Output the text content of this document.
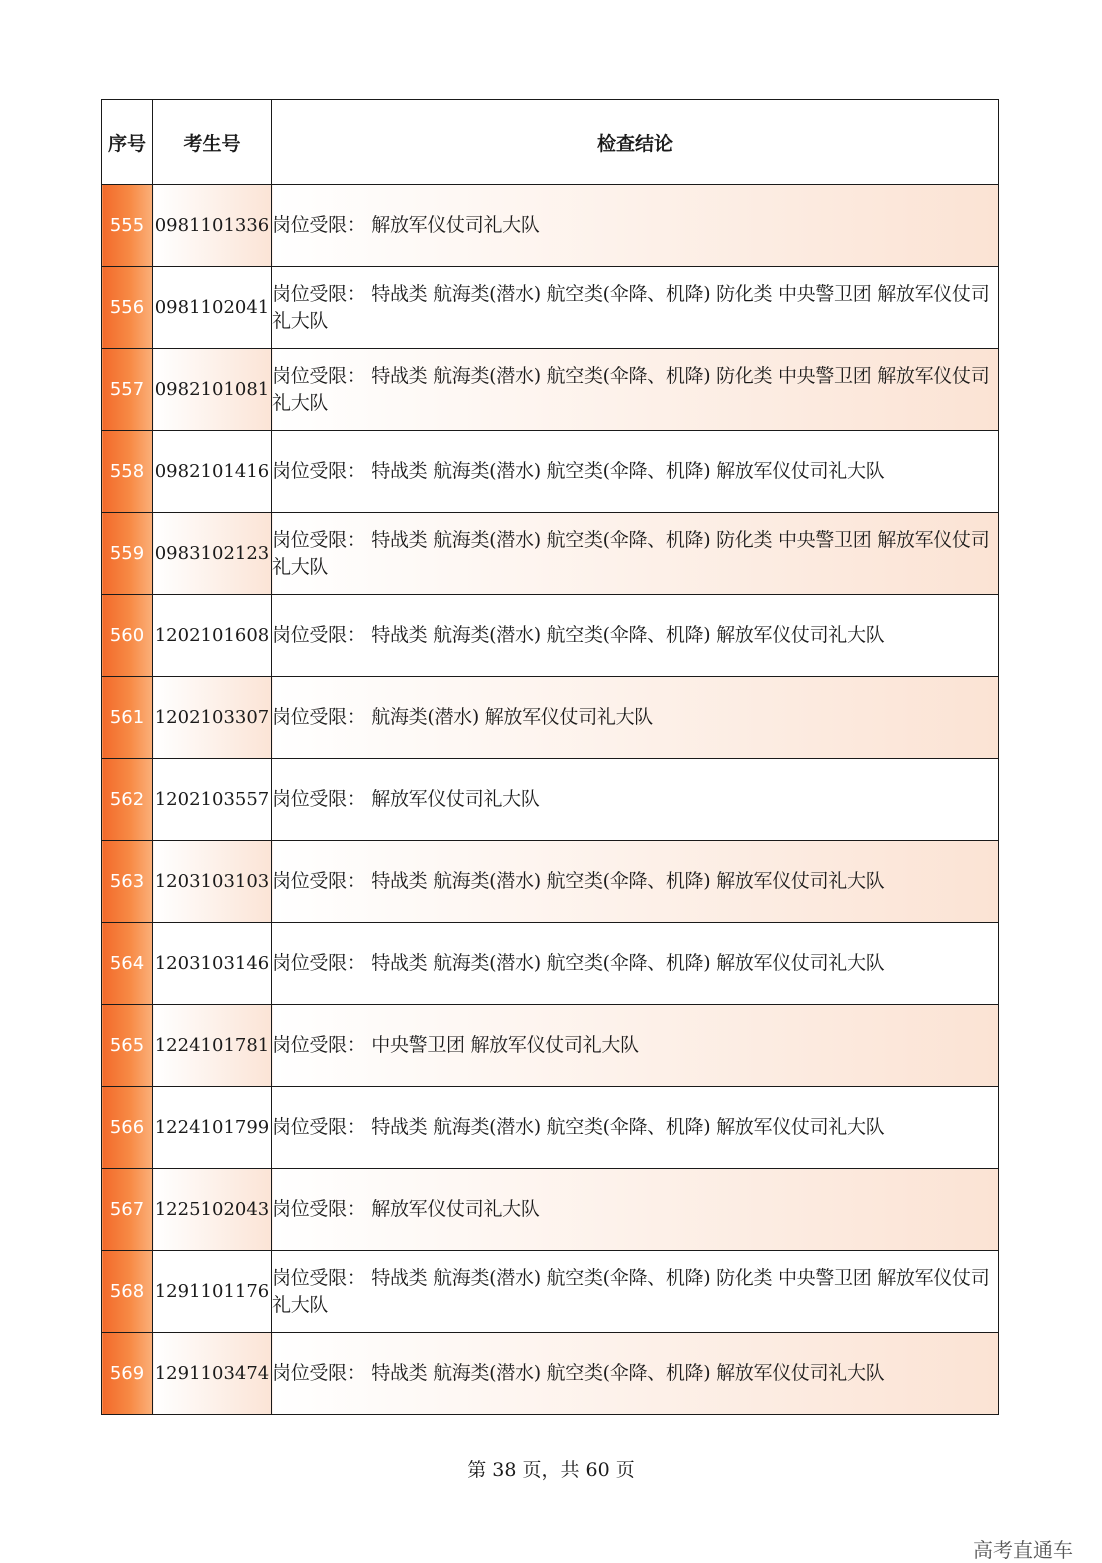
序号	考生号	检查结论
555	0981101336	岗位受限： 解放军仪仗司礼大队
556	0981102041	岗位受限： 特战类 航海类(潜水) 航空类(伞降、机降) 防化类 中央警卫团 解放军仪仗司礼大队
557	0982101081	岗位受限： 特战类 航海类(潜水) 航空类(伞降、机降) 防化类 中央警卫团 解放军仪仗司礼大队
558	0982101416	岗位受限： 特战类 航海类(潜水) 航空类(伞降、机降) 解放军仪仗司礼大队
559	0983102123	岗位受限： 特战类 航海类(潜水) 航空类(伞降、机降) 防化类 中央警卫团 解放军仪仗司礼大队
560	1202101608	岗位受限： 特战类 航海类(潜水) 航空类(伞降、机降) 解放军仪仗司礼大队
561	1202103307	岗位受限： 航海类(潜水) 解放军仪仗司礼大队
562	1202103557	岗位受限： 解放军仪仗司礼大队
563	1203103103	岗位受限： 特战类 航海类(潜水) 航空类(伞降、机降) 解放军仪仗司礼大队
564	1203103146	岗位受限： 特战类 航海类(潜水) 航空类(伞降、机降) 解放军仪仗司礼大队
565	1224101781	岗位受限： 中央警卫团 解放军仪仗司礼大队
566	1224101799	岗位受限： 特战类 航海类(潜水) 航空类(伞降、机降) 解放军仪仗司礼大队
567	1225102043	岗位受限： 解放军仪仗司礼大队
568	1291101176	岗位受限： 特战类 航海类(潜水) 航空类(伞降、机降) 防化类 中央警卫团 解放军仪仗司礼大队
569	1291103474	岗位受限： 特战类 航海类(潜水) 航空类(伞降、机降) 解放军仪仗司礼大队
第 38 页，共 60 页
高考直通车
